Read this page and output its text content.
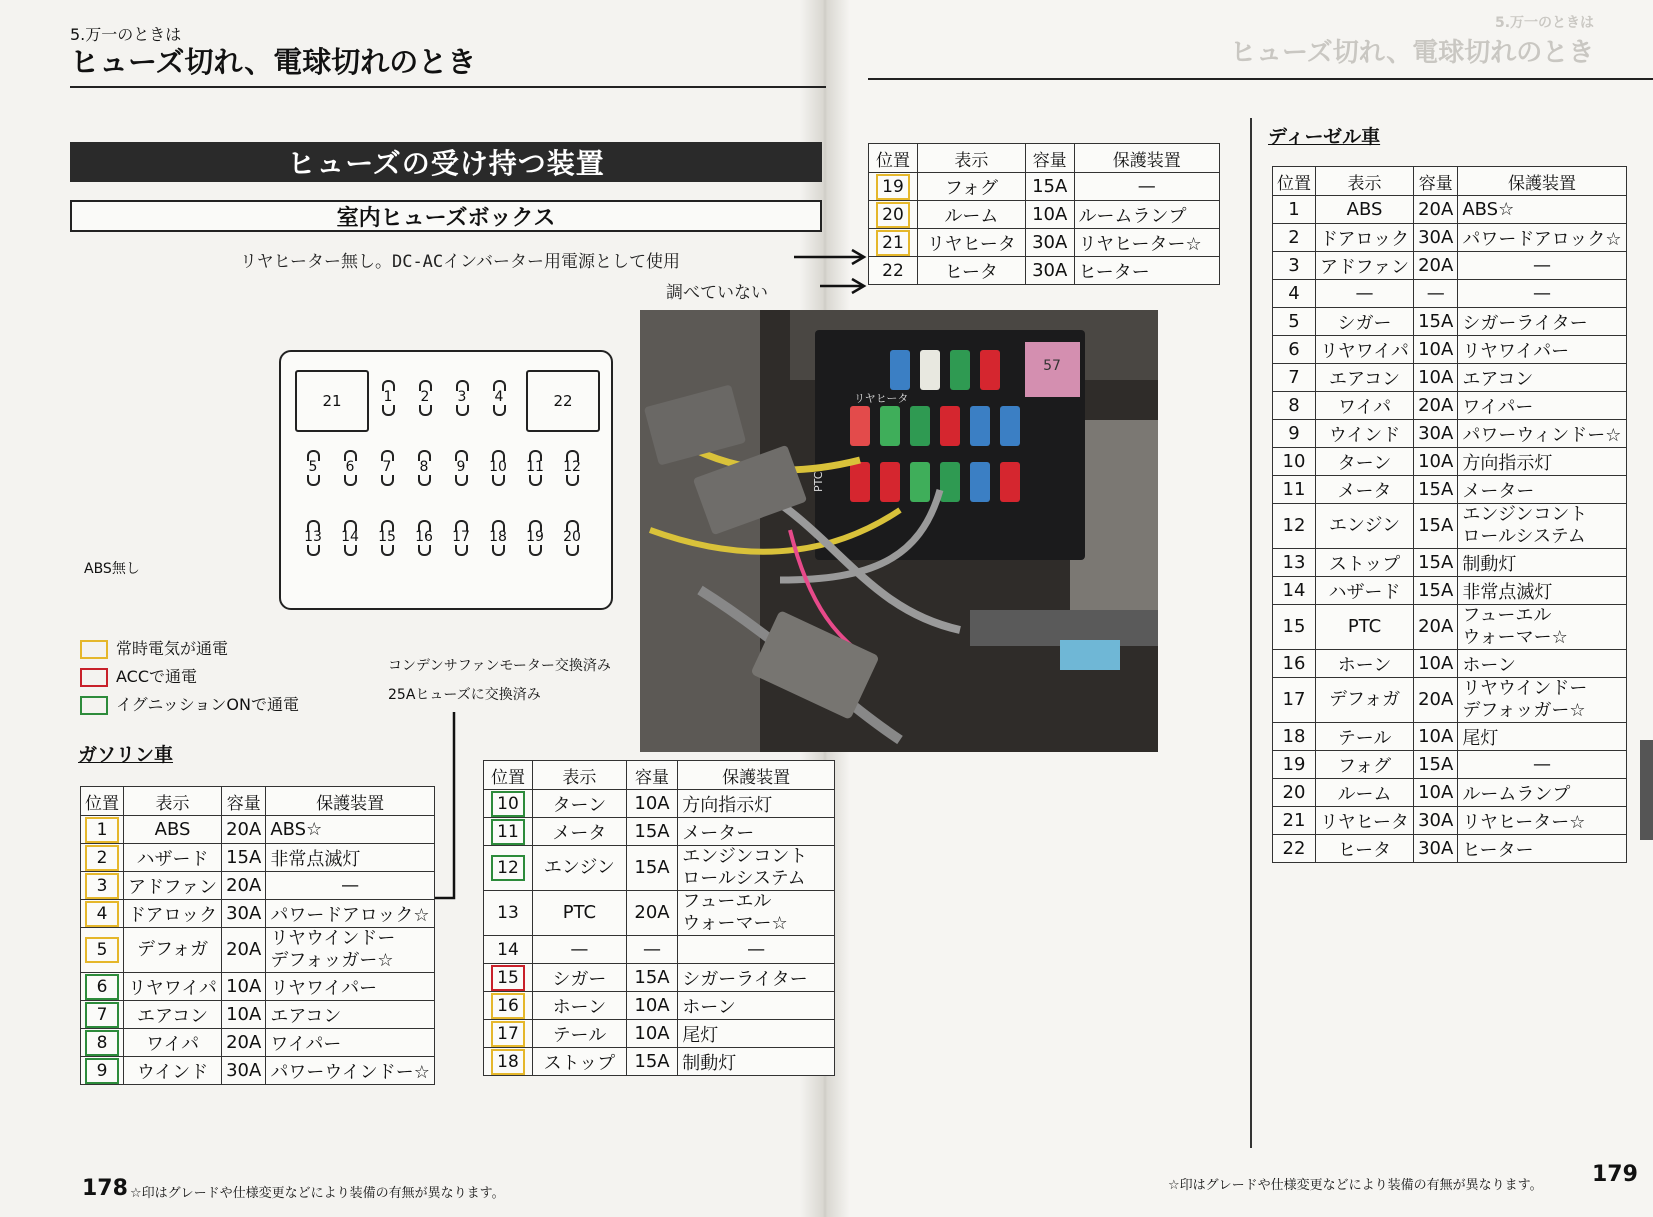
5.万一のときは
ヒューズ切れ、電球切れのとき
5.万一のときは
ヒューズ切れ、電球切れのとき
ヒューズの受け持つ装置
室内ヒューズボックス
位置	表示	容量	保護装置
19	フォグ	15A	—

20	ルーム	10A	ルームランプ

21	リヤヒータ	30A	リヤヒーター☆

22	ヒータ	30A	ヒーター
リヤヒーター無し。DC-ACインバーター用電源として使用
調べていない
21	22
1	2	3	4
5	6	7	8	9	10	11	12
13	14	15	16	17	18	19	20
ABS無し
常時電気が通電
ACCで通電
イグニッションONで通電
コンデンサファンモーター交換済み
25Aヒューズに交換済み
ガソリン車
位置	表示	容量	保護装置
1	ABS	20A	ABS☆

2	ハザード	15A	非常点滅灯

3	アドファン	20A	—

4	ドアロック	30A	パワードアロック☆

5	デフォガ	20A	リヤウインドー
デフォッガー☆

6	リヤワイパ	10A	リヤワイパー

7	エアコン	10A	エアコン

8	ワイパ	20A	ワイパー

9	ウインド	30A	パワーウインドー☆
位置	表示	容量	保護装置
10	ターン	10A	方向指示灯

11	メータ	15A	メーター

12	エンジン	15A	エンジンコント
ロールシステム

13	PTC	20A	フューエル
ウォーマー☆

14	—	—	—

15	シガー	15A	シガーライター

16	ホーン	10A	ホーン

17	テール	10A	尾灯

18	ストップ	15A	制動灯
57
リヤヒータ
PTC
ディーゼル車
位置	表示	容量	保護装置
1	ABS	20A	ABS☆

2	ドアロック	30A	パワードアロック☆

3	アドファン	20A	—

4	—	—	—

5	シガー	15A	シガーライター

6	リヤワイパ	10A	リヤワイパー

7	エアコン	10A	エアコン

8	ワイパ	20A	ワイパー

9	ウインド	30A	パワーウィンドー☆

10	ターン	10A	方向指示灯

11	メータ	15A	メーター

12	エンジン	15A	エンジンコント
ロールシステム

13	ストップ	15A	制動灯

14	ハザード	15A	非常点滅灯

15	PTC	20A	フューエル
ウォーマー☆

16	ホーン	10A	ホーン

17	デフォガ	20A	リヤウインドー
デフォッガー☆

18	テール	10A	尾灯

19	フォグ	15A	—

20	ルーム	10A	ルームランプ

21	リヤヒータ	30A	リヤヒーター☆

22	ヒータ	30A	ヒーター
178 ☆印はグレードや仕様変更などにより装備の有無が異なります。
☆印はグレードや仕様変更などにより装備の有無が異なります。 179
